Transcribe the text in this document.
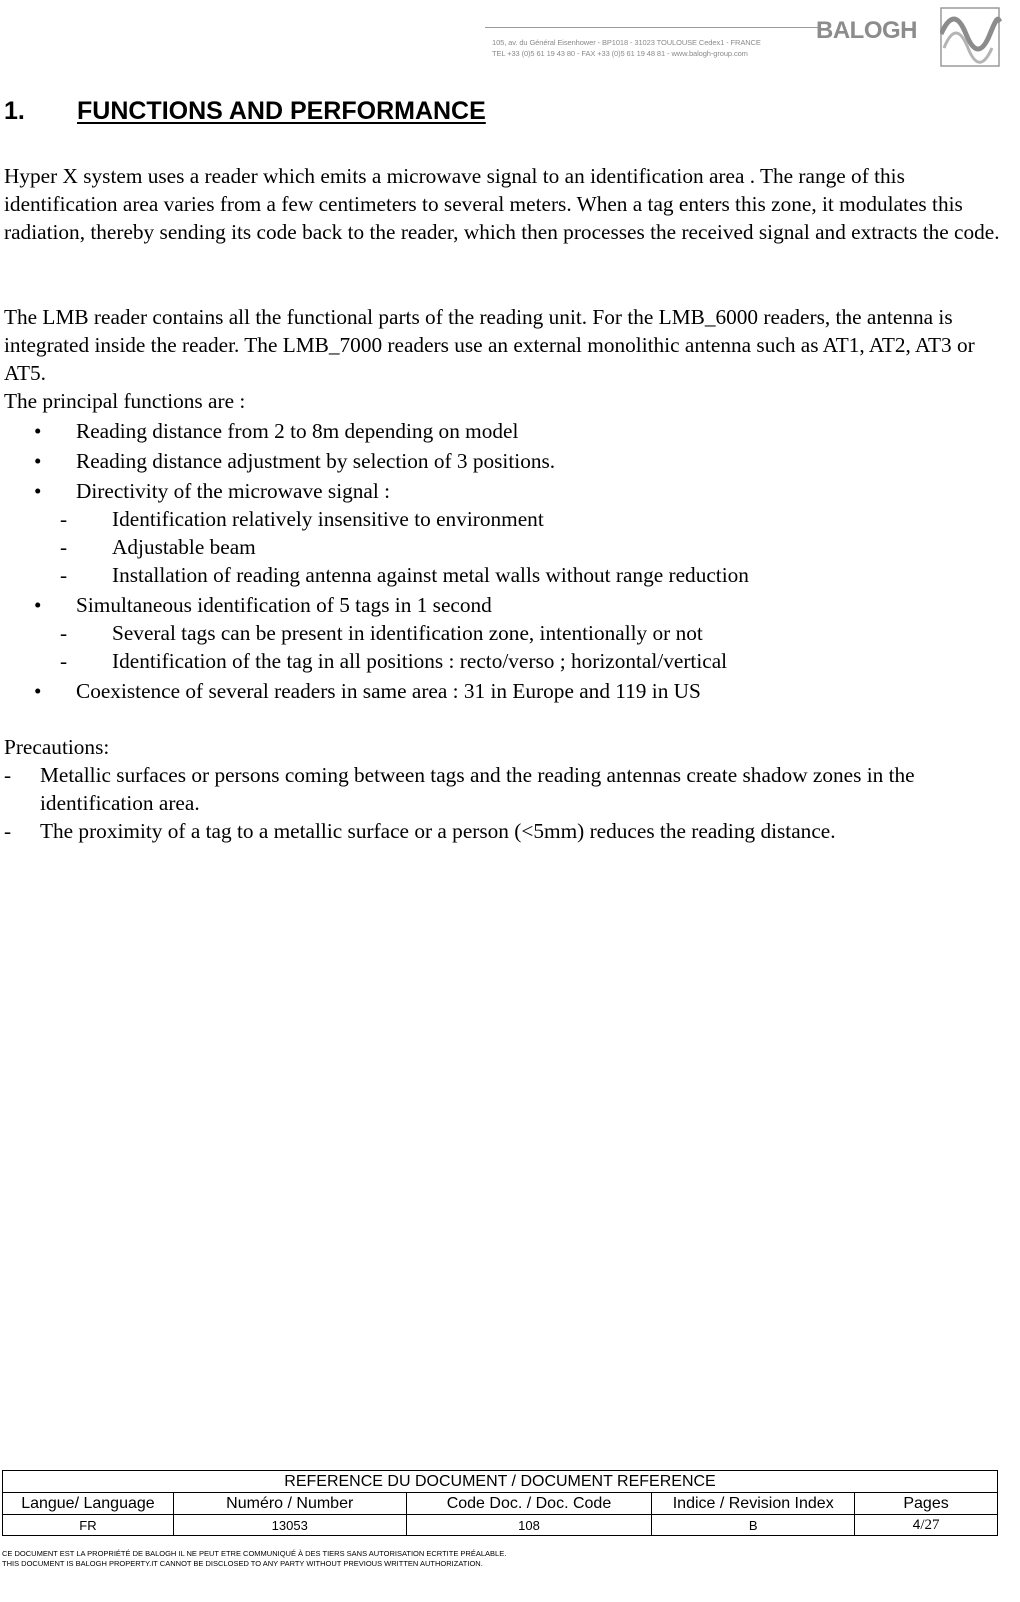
105, av. du Général Eisenhower - BP1018 - 31023 TOULOUSE Cedex1 - FRANCE
TEL +33 (0)5 61 19 43 80 - FAX +33 (0)5 61 19 48 81 - www.balogh-group.com
BALOGH
1. FUNCTIONS AND PERFORMANCE
Hyper X system uses a reader which emits a microwave signal to an identification area . The range of this identification area varies from a few centimeters to several meters. When a tag enters this zone, it modulates this radiation, thereby sending its code back to the reader, which then processes the received signal and extracts the code.
The LMB reader contains all the functional parts of the reading unit. For the LMB_6000 readers, the antenna is integrated inside the reader. The LMB_7000 readers use an external monolithic antenna such as AT1, AT2, AT3 or AT5.
The principal functions are :
• Reading distance from 2 to 8m depending on model
• Reading distance adjustment by selection of 3 positions.
• Directivity of the microwave signal :
- Identification relatively insensitive to environment
- Adjustable beam
- Installation of reading antenna against metal walls without range reduction
• Simultaneous identification of 5 tags in 1 second
- Several tags can be present in identification zone, intentionally or not
- Identification of the tag in all positions : recto/verso ; horizontal/vertical
• Coexistence of several readers in same area : 31 in Europe and 119 in US
Precautions:
- Metallic surfaces or persons coming between tags and the reading antennas create shadow zones in the identification area.
- The proximity of a tag to a metallic surface or a person (<5mm) reduces the reading distance.
REFERENCE DU DOCUMENT / DOCUMENT REFERENCE				
Langue/ Language	Numéro / Number	Code Doc. / Doc. Code	Indice / Revision Index	Pages
FR	13053	108	B	4/27
CE DOCUMENT EST LA PROPRIÉTÉ DE BALOGH IL NE PEUT ETRE COMMUNIQUÉ À DES TIERS SANS AUTORISATION ECRTITE PRÉALABLE.
THIS DOCUMENT IS BALOGH PROPERTY.IT CANNOT BE DISCLOSED TO ANY PARTY WITHOUT PREVIOUS WRITTEN AUTHORIZATION.
